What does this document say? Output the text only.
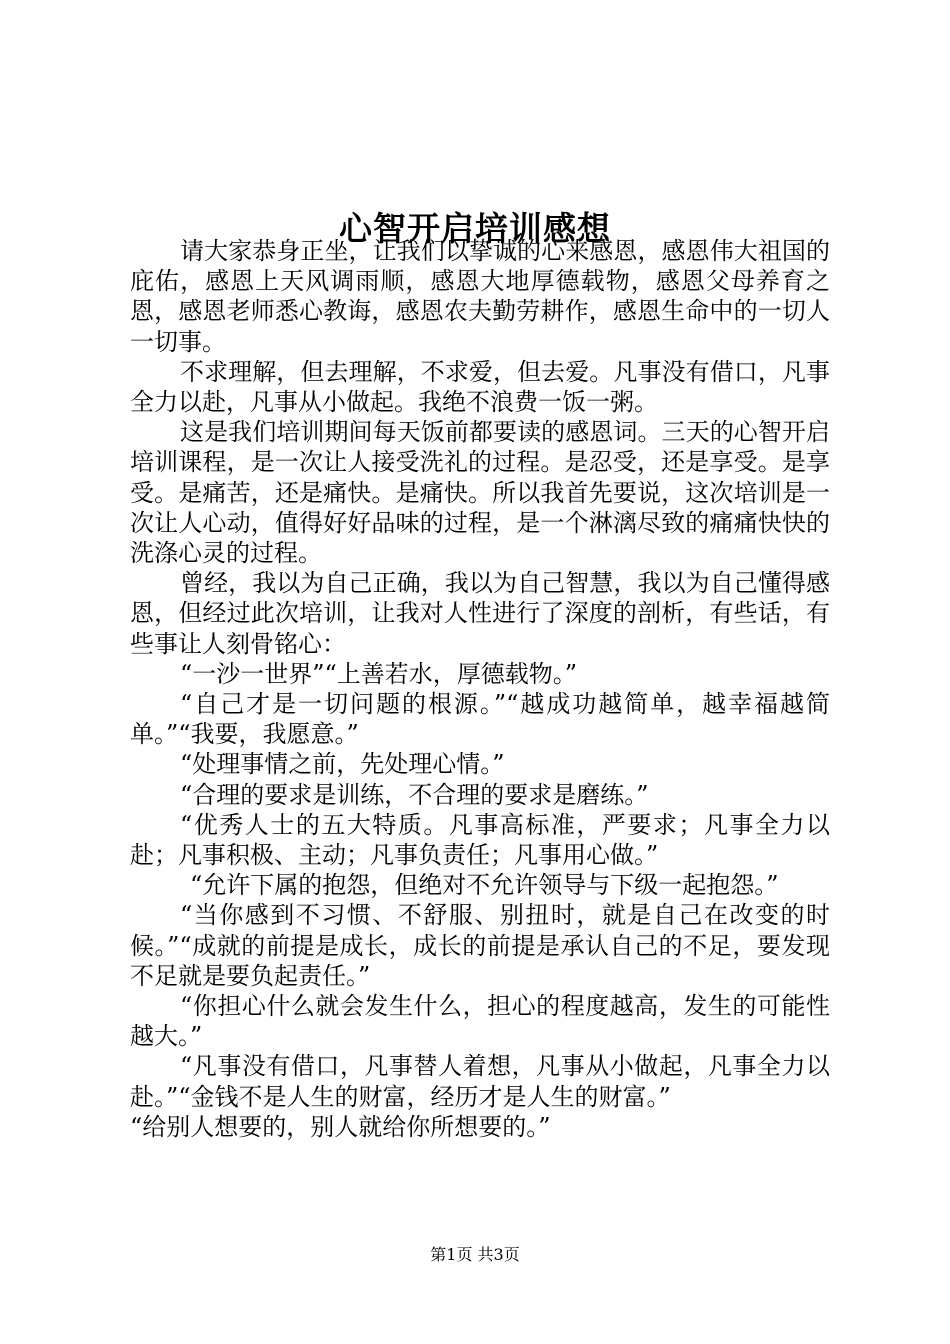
心智开启培训感想

请大家恭身正坐，让我们以挚诚的心来感恩，感恩伟大祖国的庇佑，感恩上天风调雨顺，感恩大地厚德载物，感恩父母养育之恩，感恩老师悉心教诲，感恩农夫勤劳耕作，感恩生命中的一切人一切事。

不求理解，但去理解，不求爱，但去爱。凡事没有借口，凡事全力以赴，凡事从小做起。我绝不浪费一饭一粥。

这是我们培训期间每天饭前都要读的感恩词。三天的心智开启培训课程，是一次让人接受洗礼的过程。是忍受，还是享受。是享受。是痛苦，还是痛快。是痛快。所以我首先要说，这次培训是一次让人心动，值得好好品味的过程，是一个淋漓尽致的痛痛快快的洗涤心灵的过程。

曾经，我以为自己正确，我以为自己智慧，我以为自己懂得感恩，但经过此次培训，让我对人性进行了深度的剖析，有些话，有些事让人刻骨铭心：

“一沙一世界”“上善若水，厚德载物。”

“自己才是一切问题的根源。”“越成功越简单，越幸福越简单。”“我要，我愿意。”

“处理事情之前，先处理心情。”

“合理的要求是训练，不合理的要求是磨练。”

“优秀人士的五大特质。凡事高标准，严要求；凡事全力以赴；凡事积极、主动；凡事负责任；凡事用心做。”

“允许下属的抱怨，但绝对不允许领导与下级一起抱怨。”

“当你感到不习惯、不舒服、别扭时，就是自己在改变的时候。”“成就的前提是成长，成长的前提是承认自己的不足，要发现不足就是要负起责任。”

“你担心什么就会发生什么，担心的程度越高，发生的可能性越大。”

“凡事没有借口，凡事替人着想，凡事从小做起，凡事全力以赴。”“金钱不是人生的财富，经历才是人生的财富。”

“给别人想要的，别人就给你所想要的。”

第1页 共3页
